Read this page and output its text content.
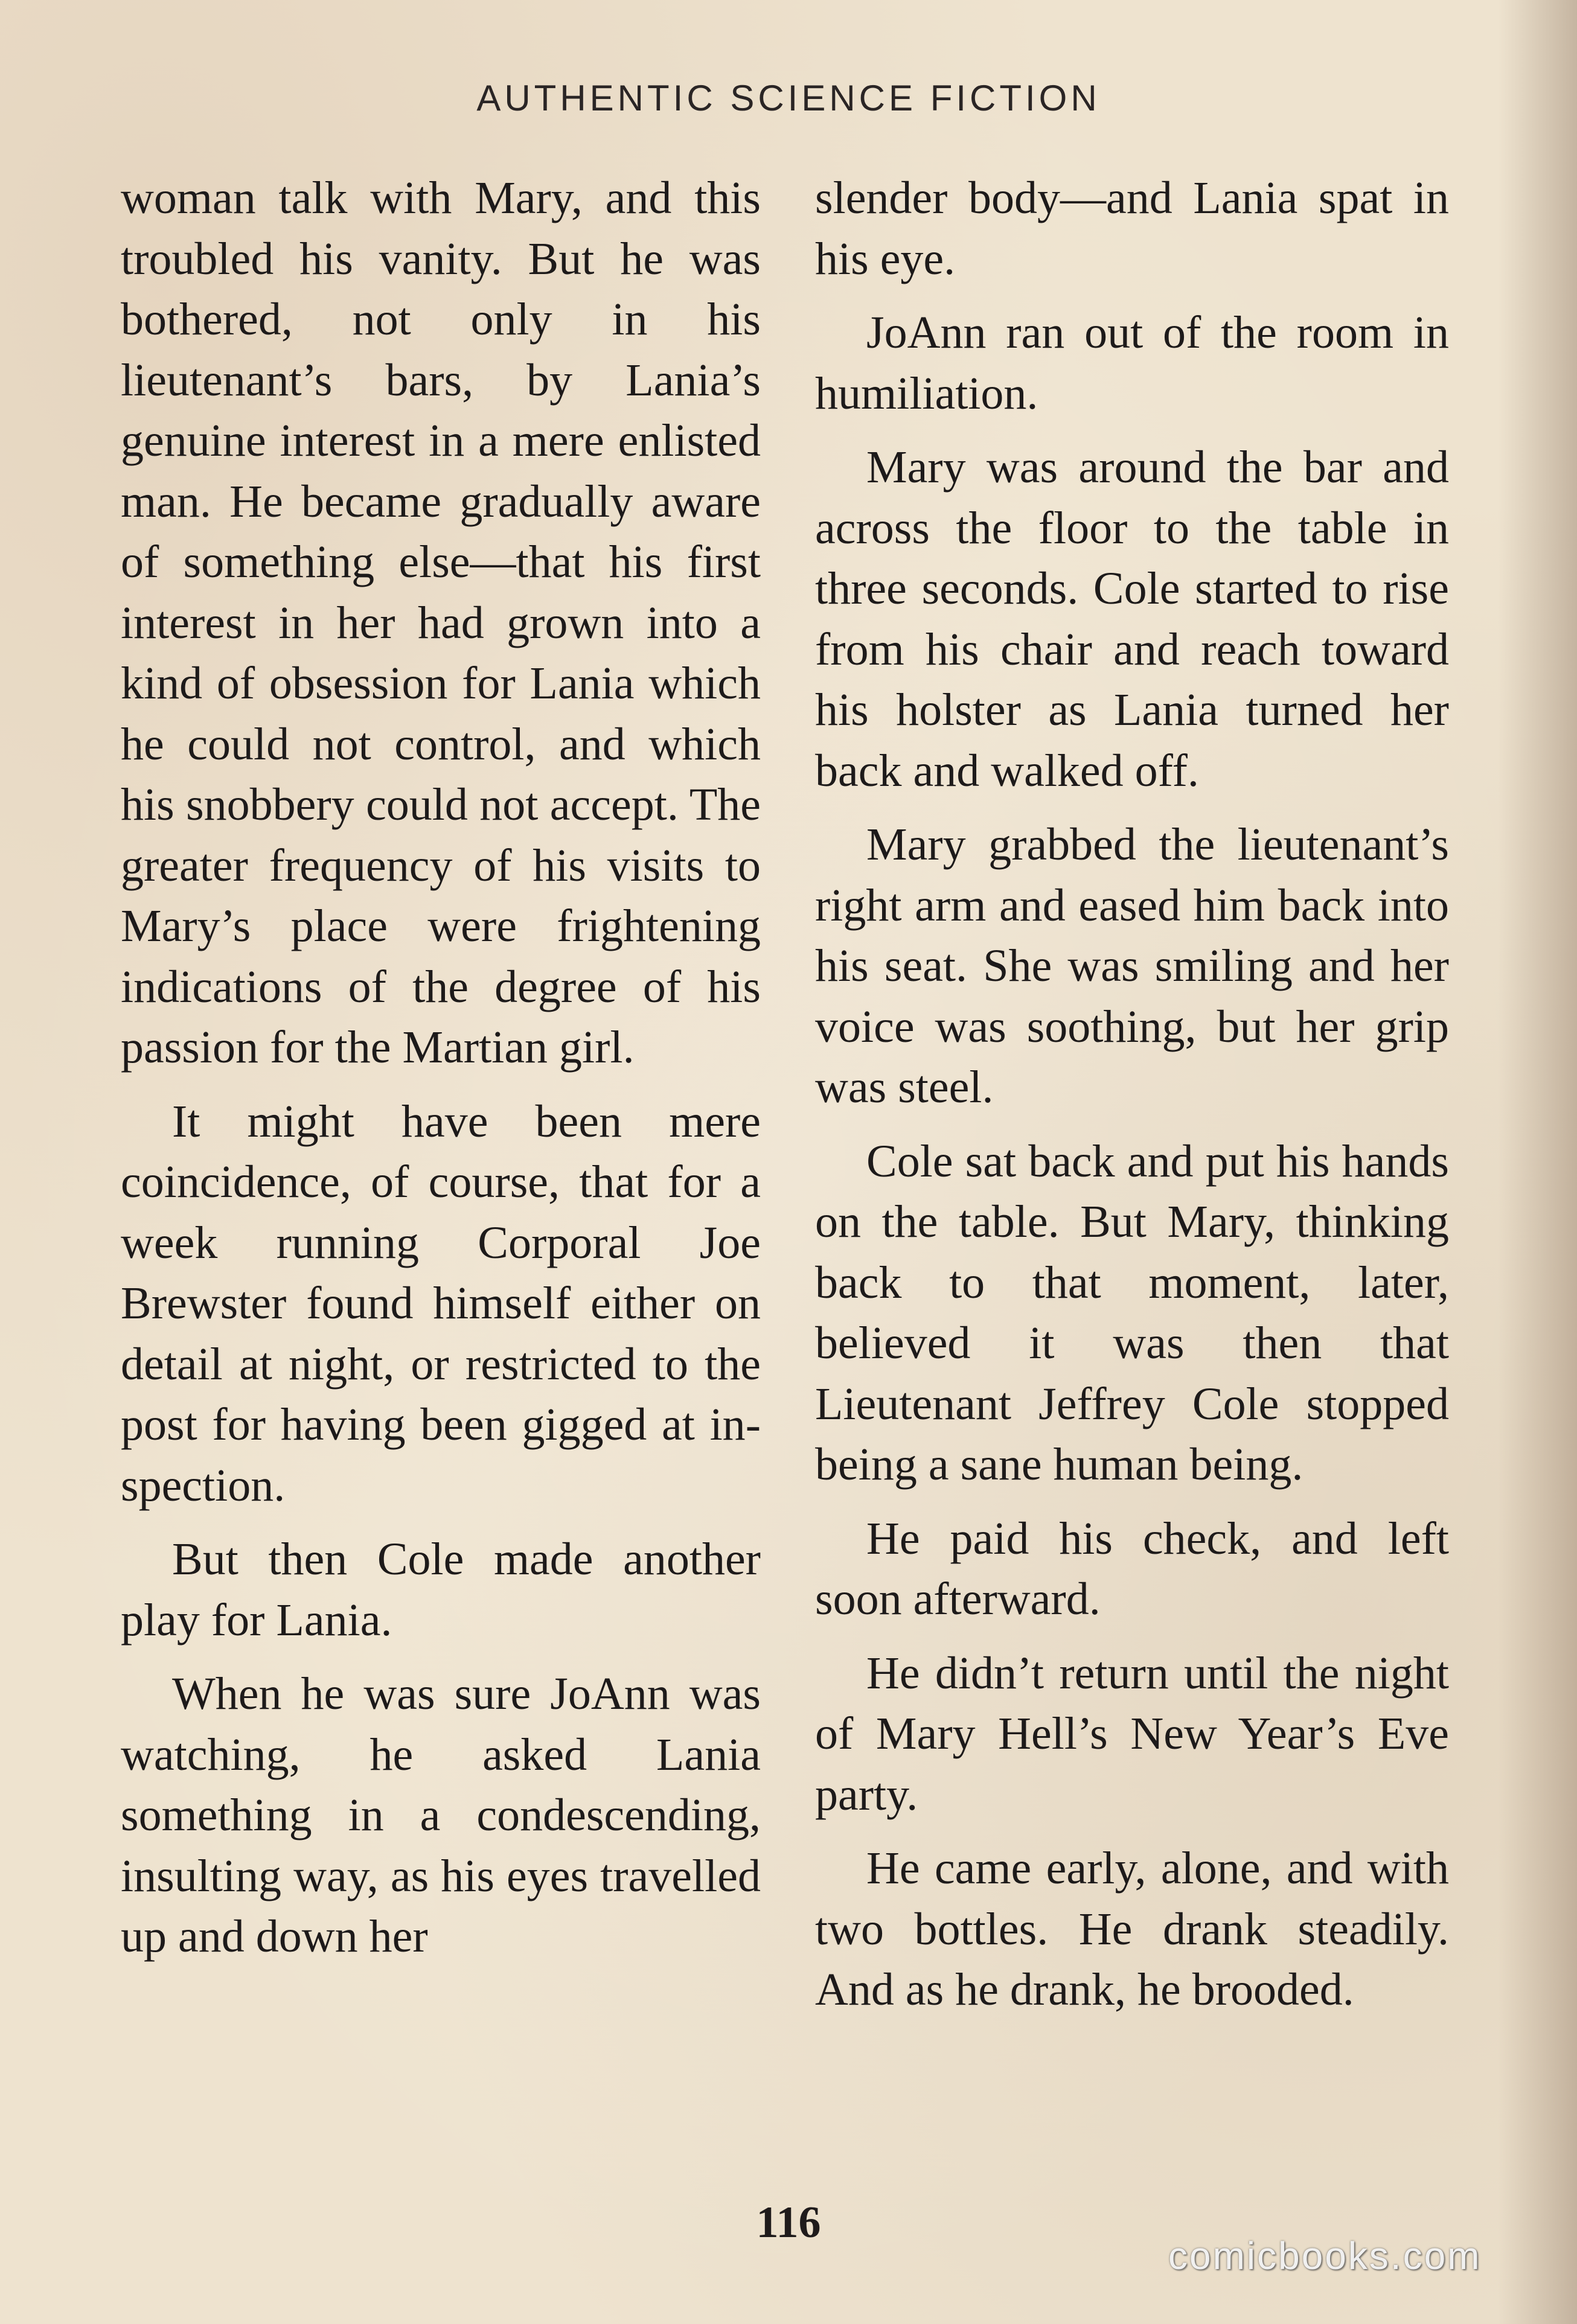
AUTHENTIC SCIENCE FICTION

woman talk with Mary, and this troubled his vanity. But he was bothered, not only in his lieutenant’s bars, by Lania’s genuine interest in a mere enlisted man. He became gradually aware of something else—that his first interest in her had grown into a kind of obsession for Lania which he could not control, and which his snobbery could not accept. The greater frequency of his visits to Mary’s place were frightening indications of the degree of his passion for the Martian girl.

It might have been mere coincidence, of course, that for a week running Corporal Joe Brewster found himself either on detail at night, or restricted to the post for having been gigged at inspection.

But then Cole made another play for Lania.

When he was sure JoAnn was watching, he asked Lania something in a condescending, insulting way, as his eyes travelled up and down her

slender body—and Lania spat in his eye.

JoAnn ran out of the room in humiliation.

Mary was around the bar and across the floor to the table in three seconds. Cole started to rise from his chair and reach toward his holster as Lania turned her back and walked off.

Mary grabbed the lieutenant’s right arm and eased him back into his seat. She was smiling and her voice was soothing, but her grip was steel.

Cole sat back and put his hands on the table. But Mary, thinking back to that moment, later, believed it was then that Lieutenant Jeffrey Cole stopped being a sane human being.

He paid his check, and left soon afterward.

He didn’t return until the night of Mary Hell’s New Year’s Eve party.

He came early, alone, and with two bottles. He drank steadily. And as he drank, he brooded.

116
comicbooks.com
